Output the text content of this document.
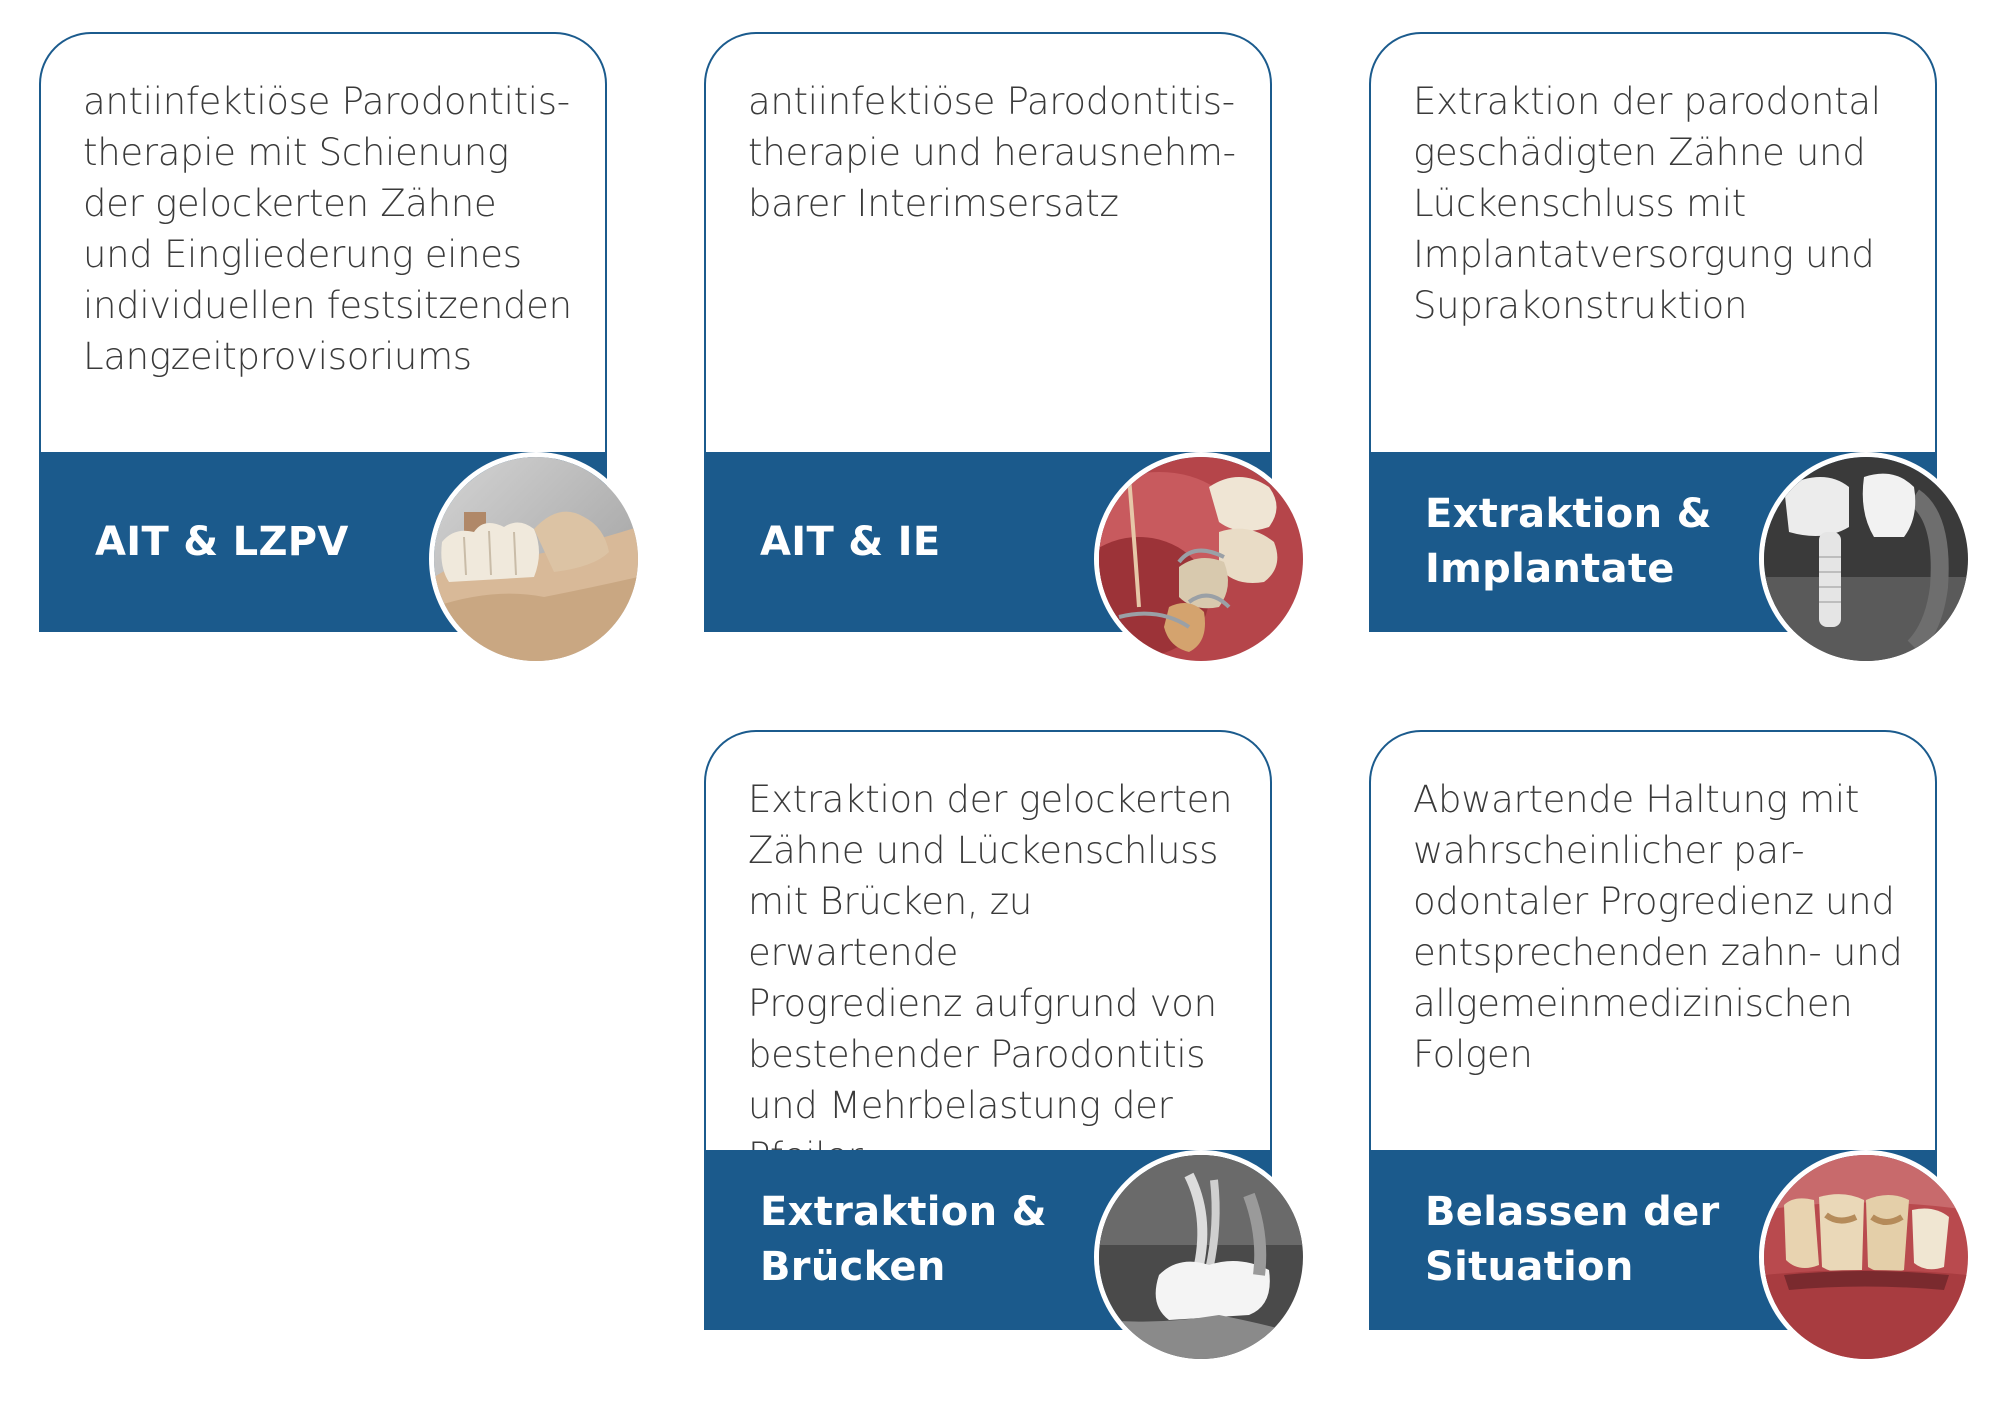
antiinfektiöse Parodontitis-
therapie mit Schienung
der gelockerten Zähne
und Eingliederung eines
individuellen festsitzenden
Langzeitprovisoriums

AIT & LZPV

antiinfektiöse Parodontitis-
therapie und herausnehm-
barer Interimsersatz

AIT & IE

Extraktion der parodontal
geschädigten Zähne und
Lückenschluss mit
Implantatversorgung und
Suprakonstruktion

Extraktion &
Implantate

Extraktion der gelockerten
Zähne und Lückenschluss
mit Brücken, zu erwartende
Progredienz aufgrund von
bestehender Parodontitis
und Mehrbelastung der

Extraktion &
Brücken

Abwartende Haltung mit
wahrscheinlicher par-
odontaler Progredienz und
entsprechenden zahn- und
allgemeinmedizinischen
Folgen

Belassen der
Situation
